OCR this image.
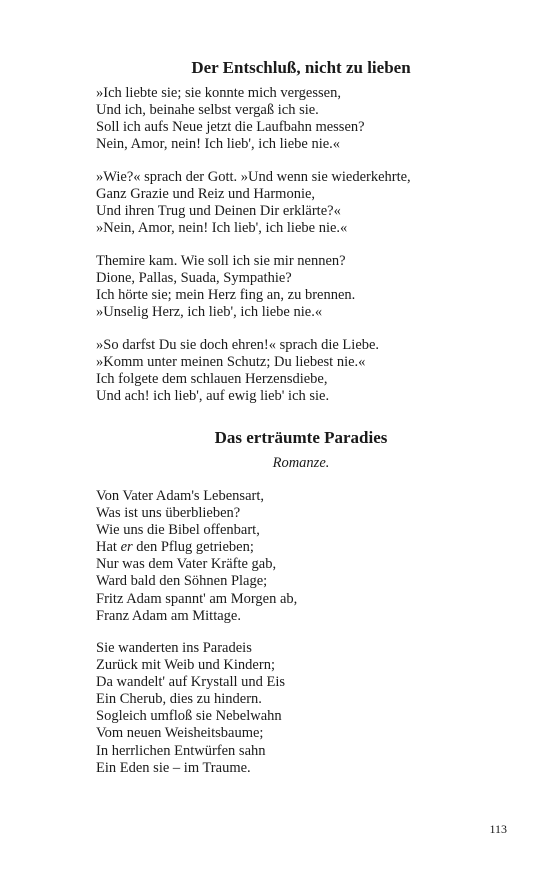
Der Entschluß, nicht zu lieben
»Ich liebte sie; sie konnte mich vergessen,
Und ich, beinahe selbst vergaß ich sie.
Soll ich aufs Neue jetzt die Laufbahn messen?
Nein, Amor, nein! Ich lieb', ich liebe nie.«
»Wie?« sprach der Gott. »Und wenn sie wiederkehrte,
Ganz Grazie und Reiz und Harmonie,
Und ihren Trug und Deinen Dir erklärte?«
»Nein, Amor, nein! Ich lieb', ich liebe nie.«
Themire kam. Wie soll ich sie mir nennen?
Dione, Pallas, Suada, Sympathie?
Ich hörte sie; mein Herz fing an, zu brennen.
»Unselig Herz, ich lieb', ich liebe nie.«
»So darfst Du sie doch ehren!« sprach die Liebe.
»Komm unter meinen Schutz; Du liebest nie.«
Ich folgete dem schlauen Herzensdiebe,
Und ach! ich lieb', auf ewig lieb' ich sie.
Das erträumte Paradies
Romanze.
Von Vater Adam's Lebensart,
Was ist uns überblieben?
Wie uns die Bibel offenbart,
Hat er den Pflug getrieben;
Nur was dem Vater Kräfte gab,
Ward bald den Söhnen Plage;
Fritz Adam spannt' am Morgen ab,
Franz Adam am Mittage.
Sie wanderten ins Paradeis
Zurück mit Weib und Kindern;
Da wandelt' auf Krystall und Eis
Ein Cherub, dies zu hindern.
Sogleich umfloß sie Nebelwahn
Vom neuen Weisheitsbaume;
In herrlichen Entwürfen sahn
Ein Eden sie – im Traume.
113
